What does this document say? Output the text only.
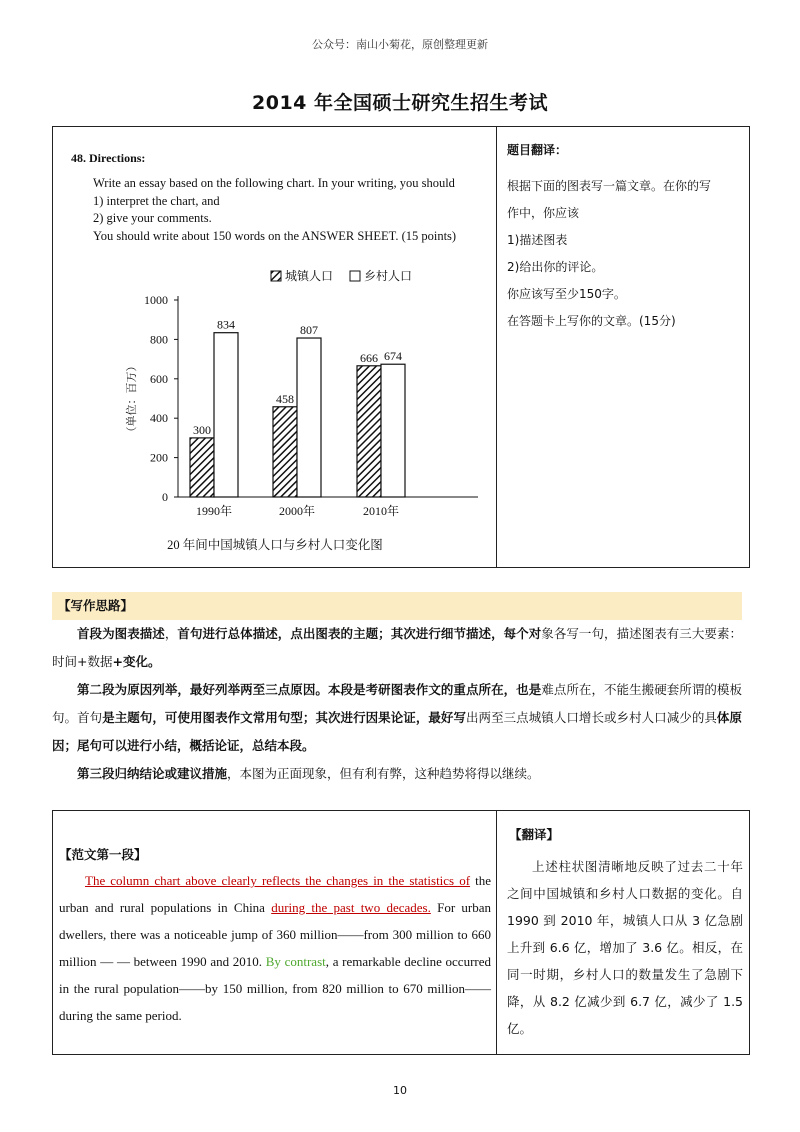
公众号：南山小菊花，原创整理更新
2014 年全国硕士研究生招生考试
48. Directions:
Write an essay based on the following chart. In your writing, you should
1) interpret the chart, and
2) give your comments.
You should write about 150 words on the ANSWER SHEET. (15 points)
城镇人口	乡村人口
0
200
400
600
800
1000
（单位：百万）	300
834
1990年
458
807
2000年
666 674
2010年
20 年间中国城镇人口与乡村人口变化图
题目翻译：
根据下面的图表写一篇文章。在你的写
作中，你应该
1)描述图表
2)给出你的评论。
你应该写至少150字。
在答题卡上写你的文章。(15分)
【写作思路】

首段为图表描述，首句进行总体描述，点出图表的主题；其次进行细节描述，每个对象各写一句，描述图表有三大要素：时间+数据+变化。

第二段为原因列举，最好列举两至三点原因。本段是考研图表作文的重点所在，也是难点所在，不能生搬硬套所谓的模板句。首句是主题句，可使用图表作文常用句型；其次进行因果论证，最好写出两至三点城镇人口增长或乡村人口减少的具体原因；尾句可以进行小结，概括论证，总结本段。

第三段归纳结论或建议措施，本图为正面现象，但有利有弊，这种趋势将得以继续。

【范文第一段】
The column chart above clearly reflects the changes in the statistics of the urban and rural populations in China during the past two decades. For urban dwellers, there was a noticeable jump of 360 million——from 300 million to 660 million — — between 1990 and 2010. By contrast, a remarkable decline occurred in the rural population——by 150 million, from 820 million to 670 million——during the same period.
【翻译】
上述柱状图清晰地反映了过去二十年之间中国城镇和乡村人口数据的变化。自 1990 到 2010 年，城镇人口从 3 亿急剧上升到 6.6 亿，增加了 3.6 亿。相反，在同一时期，乡村人口的数量发生了急剧下降，从 8.2 亿减少到 6.7 亿，减少了 1.5 亿。
10
